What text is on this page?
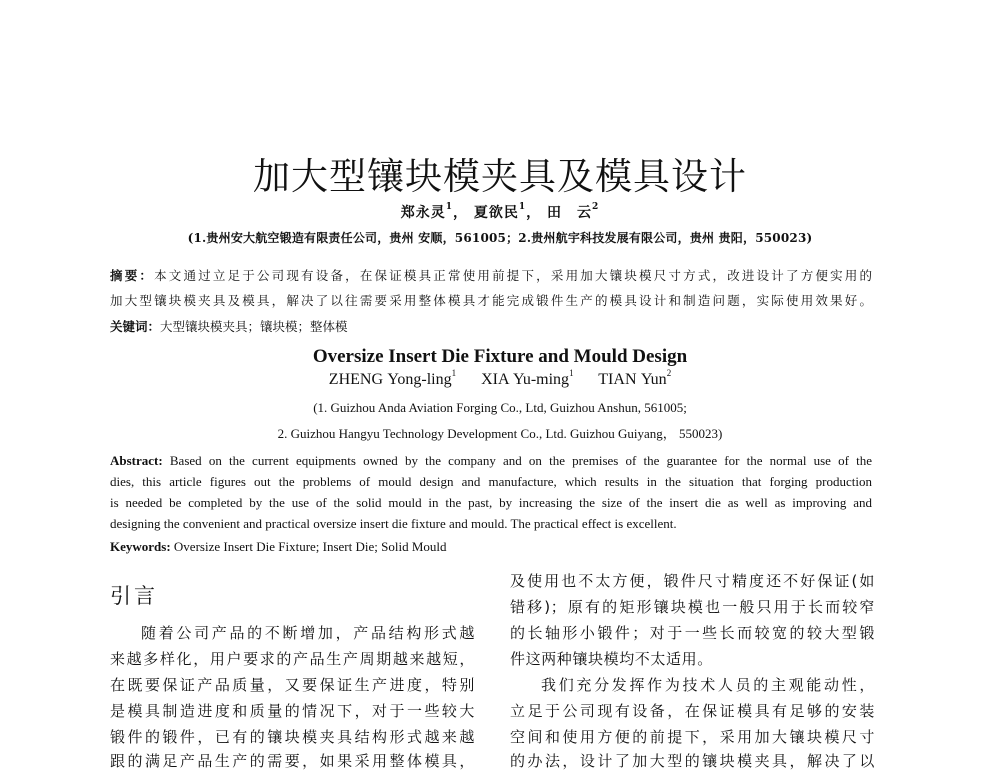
加大型镶块模夹具及模具设计
郑永灵$^1$， 夏欲民$^1$， 田　云$^2$
(1.贵州安大航空锻造有限责任公司，贵州 安顺，561005；2.贵州航宇科技发展有限公司，贵州 贵阳，550023)
摘要：本文通过立足于公司现有设备，在保证模具正常使用前提下，采用加大镶块模尺寸方式，改进设计了方便实用的
加大型镶块模夹具及模具，解决了以往需要采用整体模具才能完成锻件生产的模具设计和制造问题，实际使用效果好。
关键词：大型镶块模夹具；镶块模；整体模
Oversize Insert Die Fixture and Mould Design
ZHENG Yong-ling$^1$ XIA Yu-ming$^1$ TIAN Yun$^2$
(1. Guizhou Anda Aviation Forging Co., Ltd, Guizhou Anshun, 561005;
2. Guizhou Hangyu Technology Development Co., Ltd. Guizhou Guiyang， 550023)
Abstract: Based on the current equipments owned by the company and on the premises of the guarantee for the normal use of the
dies, this article figures out the problems of mould design and manufacture, which results in the situation that forging production
is needed be completed by the use of the solid mould in the past, by increasing the size of the insert die as well as improving and
designing the convenient and practical oversize insert die fixture and mould. The practical effect is excellent.
Keywords: Oversize Insert Die Fixture; Insert Die; Solid Mould
引言
随着公司产品的不断增加，产品结构形式越
来越多样化，用户要求的产品生产周期越来越短，
在既要保证产品质量，又要保证生产进度，特别
是模具制造进度和质量的情况下，对于一些较大
锻件的锻件，已有的镶块模夹具结构形式越来越
跟的满足产品生产的需要，如果采用整体模具，
及使用也不太方便，锻件尺寸精度还不好保证(如
错移)；原有的矩形镶块模也一般只用于长而较窄
的长轴形小锻件；对于一些长而较宽的较大型锻
件这两种镶块模均不太适用。
我们充分发挥作为技术人员的主观能动性，
立足于公司现有设备，在保证模具有足够的安装
空间和使用方便的前提下，采用加大镶块模尺寸
的办法，设计了加大型的镶块模夹具，解决了以
